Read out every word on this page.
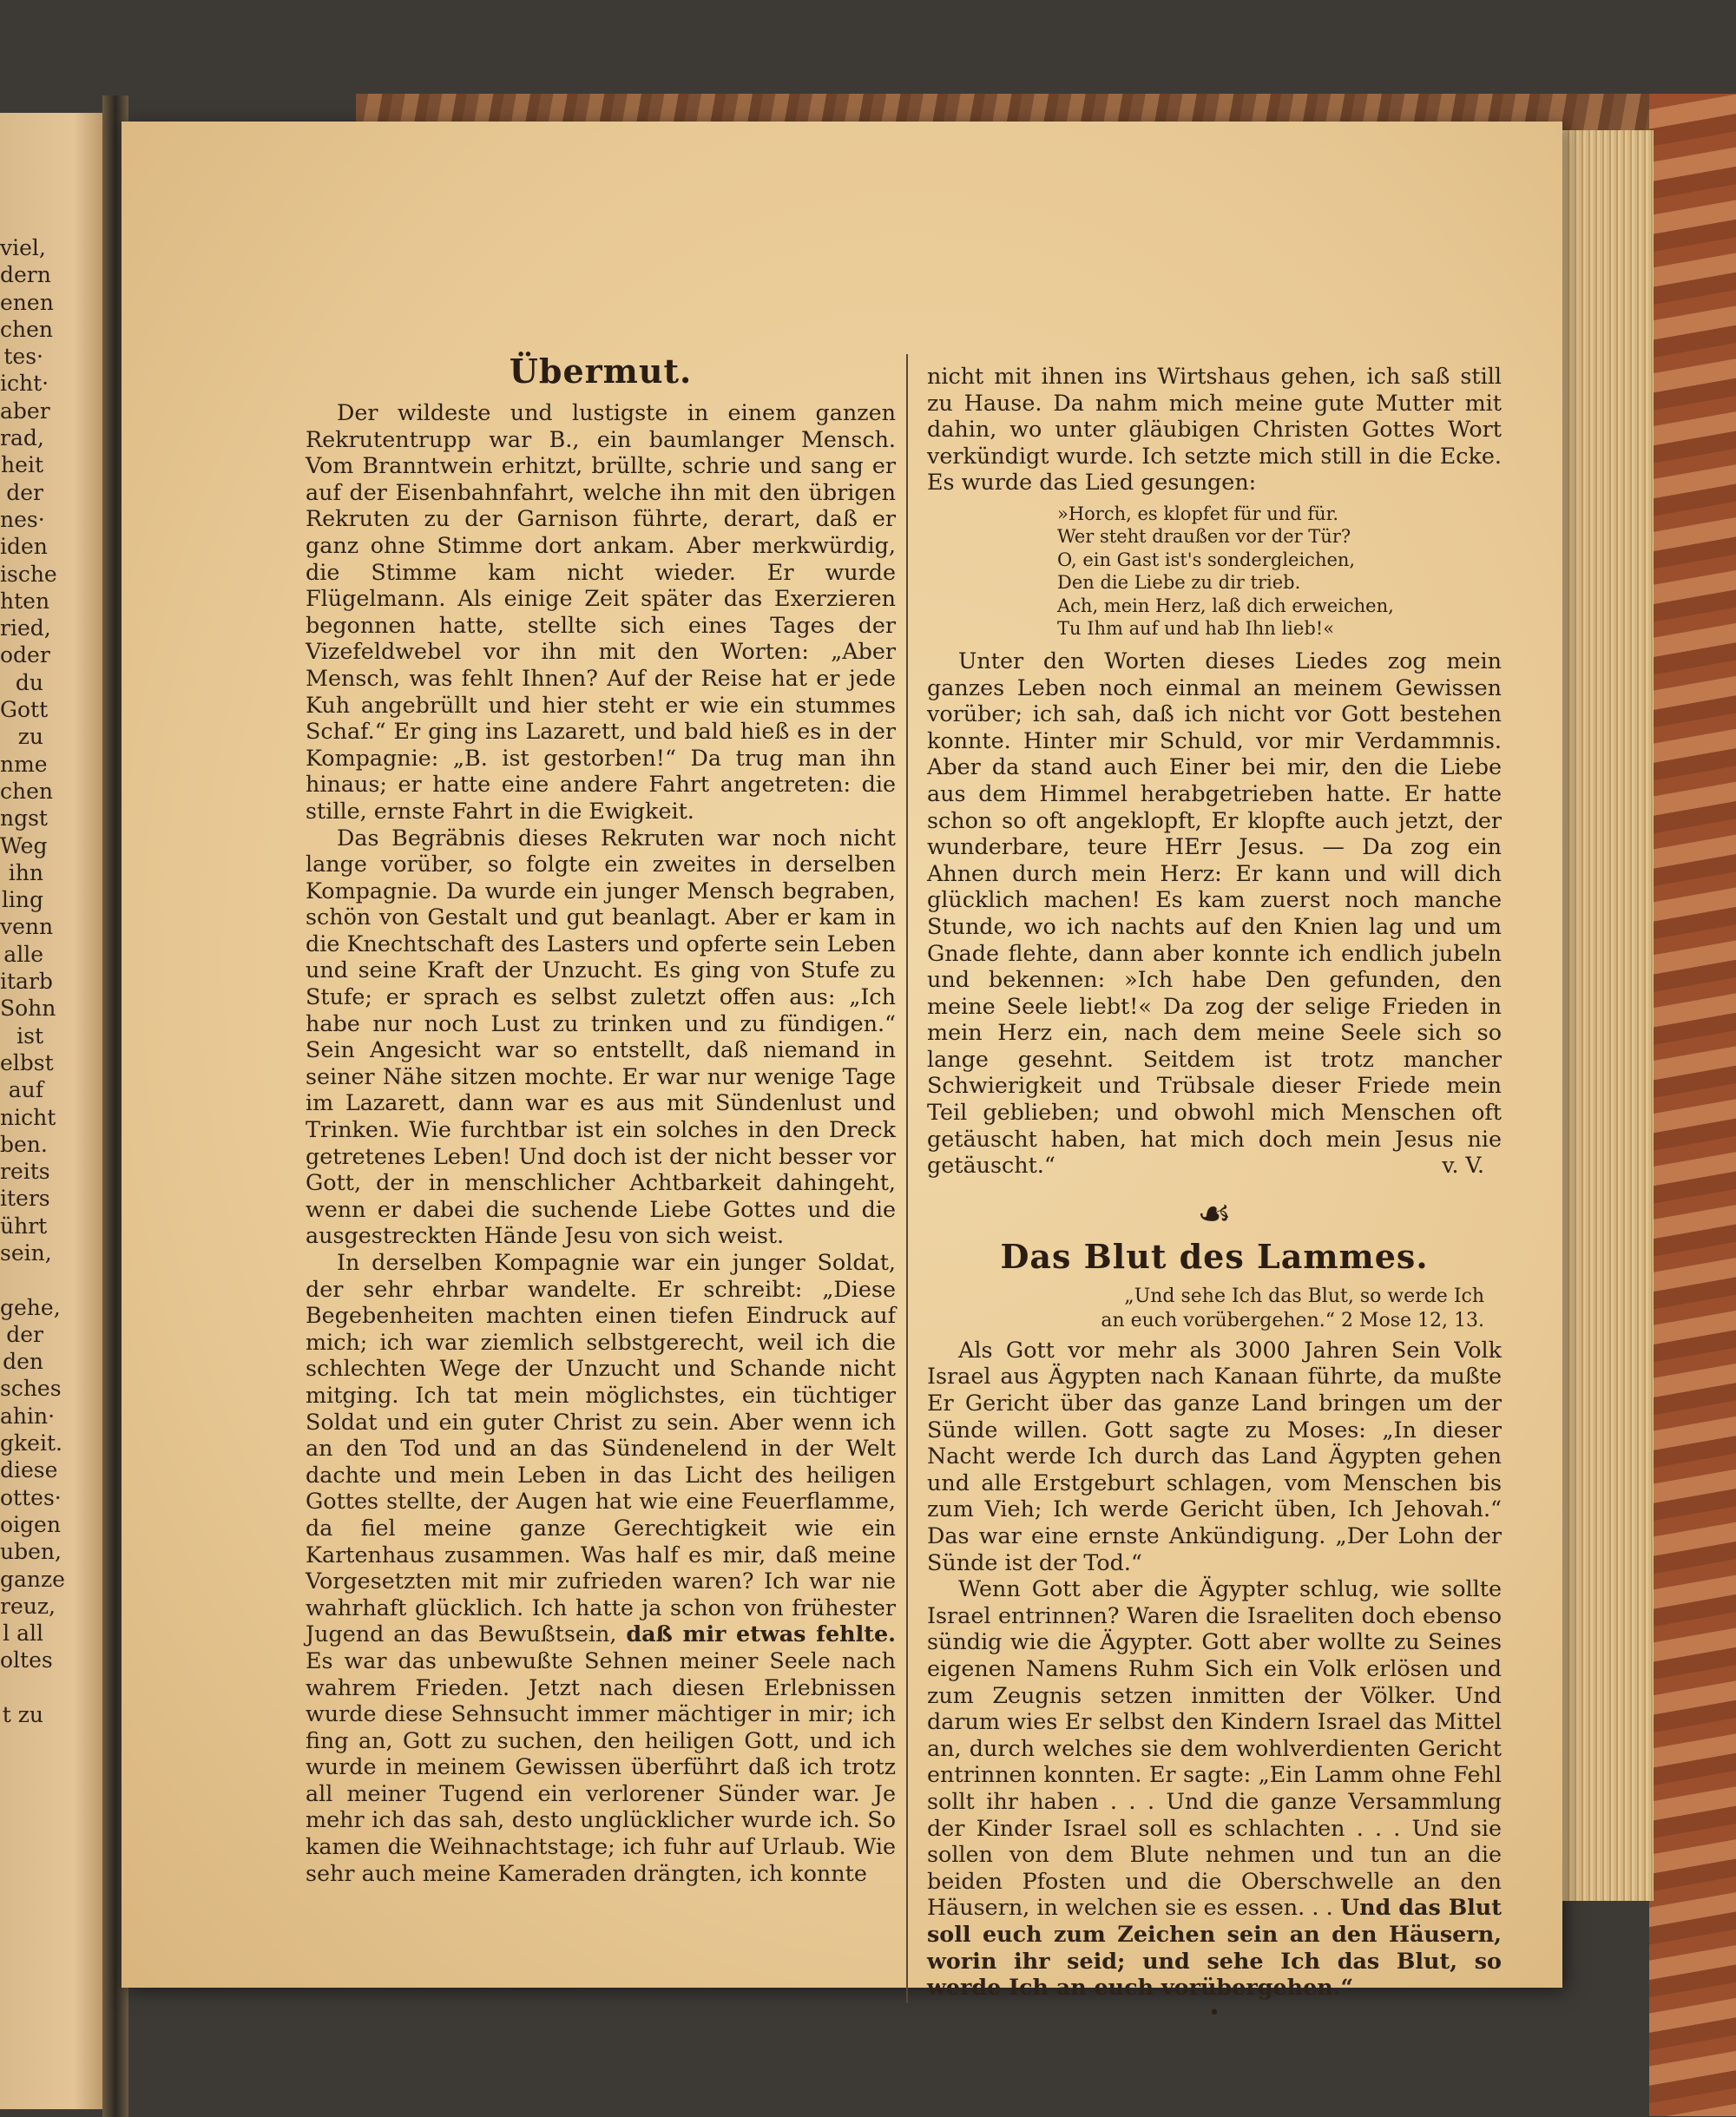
viel,
dern
enen
chen
tes·
icht·
aber
rad,
heit
der
nes·
iden
ische
hten
ried,
oder
du
Gott
zu
nme
chen
ngst
Weg
ihn
ling
venn
alle
itarb
Sohn
ist
elbst
auf
nicht
ben.
reits
iters
ührt
sein,

gehe,
der
den
sches
ahin·
gkeit.
diese
ottes·
oigen
uben,
ganze
reuz,
l all
oltes

t zu
Übermut.

Der wildeste und lustigste in einem ganzen Rekrutentrupp war B., ein baumlanger Mensch. Vom Branntwein erhitzt, brüllte, schrie und sang er auf der Eisenbahnfahrt, welche ihn mit den übrigen Rekruten zu der Garnison führte, derart, daß er ganz ohne Stimme dort ankam. Aber merkwürdig, die Stimme kam nicht wieder. Er wurde Flügelmann. Als einige Zeit später das Exerzieren begonnen hatte, stellte sich eines Tages der Vizefeldwebel vor ihn mit den Worten: „Aber Mensch, was fehlt Ihnen? Auf der Reise hat er jede Kuh angebrüllt und hier steht er wie ein stummes Schaf.“ Er ging ins Lazarett, und bald hieß es in der Kompagnie: „B. ist gestorben!“ Da trug man ihn hinaus; er hatte eine andere Fahrt angetreten: die stille, ernste Fahrt in die Ewigkeit.

Das Begräbnis dieses Rekruten war noch nicht lange vorüber, so folgte ein zweites in derselben Kompagnie. Da wurde ein junger Mensch begraben, schön von Gestalt und gut beanlagt. Aber er kam in die Knechtschaft des Lasters und opferte sein Leben und seine Kraft der Unzucht. Es ging von Stufe zu Stufe; er sprach es selbst zuletzt offen aus: „Ich habe nur noch Lust zu trinken und zu fündigen.“ Sein Angesicht war so entstellt, daß niemand in seiner Nähe sitzen mochte. Er war nur wenige Tage im Lazarett, dann war es aus mit Sündenlust und Trinken. Wie furchtbar ist ein solches in den Dreck getretenes Leben! Und doch ist der nicht besser vor Gott, der in menschlicher Achtbarkeit dahingeht, wenn er dabei die suchende Liebe Gottes und die ausgestreckten Hände Jesu von sich weist.

In derselben Kompagnie war ein junger Soldat, der sehr ehrbar wandelte. Er schreibt: „Diese Begebenheiten machten einen tiefen Eindruck auf mich; ich war ziemlich selbstgerecht, weil ich die schlechten Wege der Unzucht und Schande nicht mitging. Ich tat mein möglichstes, ein tüchtiger Soldat und ein guter Christ zu sein. Aber wenn ich an den Tod und an das Sündenelend in der Welt dachte und mein Leben in das Licht des heiligen Gottes stellte, der Augen hat wie eine Feuerflamme, da fiel meine ganze Gerechtigkeit wie ein Kartenhaus zusammen. Was half es mir, daß meine Vorgesetzten mit mir zufrieden waren? Ich war nie wahrhaft glücklich. Ich hatte ja schon von frühester Jugend an das Bewußtsein, daß mir etwas fehlte. Es war das unbewußte Sehnen meiner Seele nach wahrem Frieden. Jetzt nach diesen Erlebnissen wurde diese Sehnsucht immer mächtiger in mir; ich fing an, Gott zu suchen, den heiligen Gott, und ich wurde in meinem Gewissen überführt daß ich trotz all meiner Tugend ein verlorener Sünder war. Je mehr ich das sah, desto unglücklicher wurde ich. So kamen die Weihnachtstage; ich fuhr auf Urlaub. Wie sehr auch meine Kameraden drängten, ich konnte

nicht mit ihnen ins Wirtshaus gehen, ich saß still zu Hause. Da nahm mich meine gute Mutter mit dahin, wo unter gläubigen Christen Gottes Wort verkündigt wurde. Ich setzte mich still in die Ecke. Es wurde das Lied gesungen:

»Horch, es klopfet für und für.
Wer steht draußen vor der Tür?
O, ein Gast ist's sondergleichen,
Den die Liebe zu dir trieb.
Ach, mein Herz, laß dich erweichen,
Tu Ihm auf und hab Ihn lieb!«

Unter den Worten dieses Liedes zog mein ganzes Leben noch einmal an meinem Gewissen vorüber; ich sah, daß ich nicht vor Gott bestehen konnte. Hinter mir Schuld, vor mir Verdammnis. Aber da stand auch Einer bei mir, den die Liebe aus dem Himmel herabgetrieben hatte. Er hatte schon so oft angeklopft, Er klopfte auch jetzt, der wunderbare, teure HErr Jesus. — Da zog ein Ahnen durch mein Herz: Er kann und will dich glücklich machen! Es kam zuerst noch manche Stunde, wo ich nachts auf den Knien lag und um Gnade flehte, dann aber konnte ich endlich jubeln und bekennen: »Ich habe Den gefunden, den meine Seele liebt!« Da zog der selige Frieden in mein Herz ein, nach dem meine Seele sich so lange gesehnt. Seitdem ist trotz mancher Schwierigkeit und Trübsale dieser Friede mein Teil geblieben; und obwohl mich Menschen oft getäuscht haben, hat mich doch mein Jesus nie getäuscht.“	v. V.
☙
Das Blut des Lammes.
„Und sehe Ich das Blut, so werde Ich
an euch vorübergehen.“ 2 Mose 12, 13.

Als Gott vor mehr als 3000 Jahren Sein Volk Israel aus Ägypten nach Kanaan führte, da mußte Er Gericht über das ganze Land bringen um der Sünde willen. Gott sagte zu Moses: „In dieser Nacht werde Ich durch das Land Ägypten gehen und alle Erstgeburt schlagen, vom Menschen bis zum Vieh; Ich werde Gericht üben, Ich Jehovah.“ Das war eine ernste Ankündigung. „Der Lohn der Sünde ist der Tod.“

Wenn Gott aber die Ägypter schlug, wie sollte Israel entrinnen? Waren die Israeliten doch ebenso sündig wie die Ägypter. Gott aber wollte zu Seines eigenen Namens Ruhm Sich ein Volk erlösen und zum Zeugnis setzen inmitten der Völker. Und darum wies Er selbst den Kindern Israel das Mittel an, durch welches sie dem wohlverdienten Gericht entrinnen konnten. Er sagte: „Ein Lamm ohne Fehl sollt ihr haben . . . Und die ganze Versammlung der Kinder Israel soll es schlachten . . . Und sie sollen von dem Blute nehmen und tun an die beiden Pfosten und die Oberschwelle an den Häusern, in welchen sie es essen. . . Und das Blut soll euch zum Zeichen sein an den Häusern, worin ihr seid; und sehe Ich das Blut, so werde Ich an euch vorübergehen.“

•
